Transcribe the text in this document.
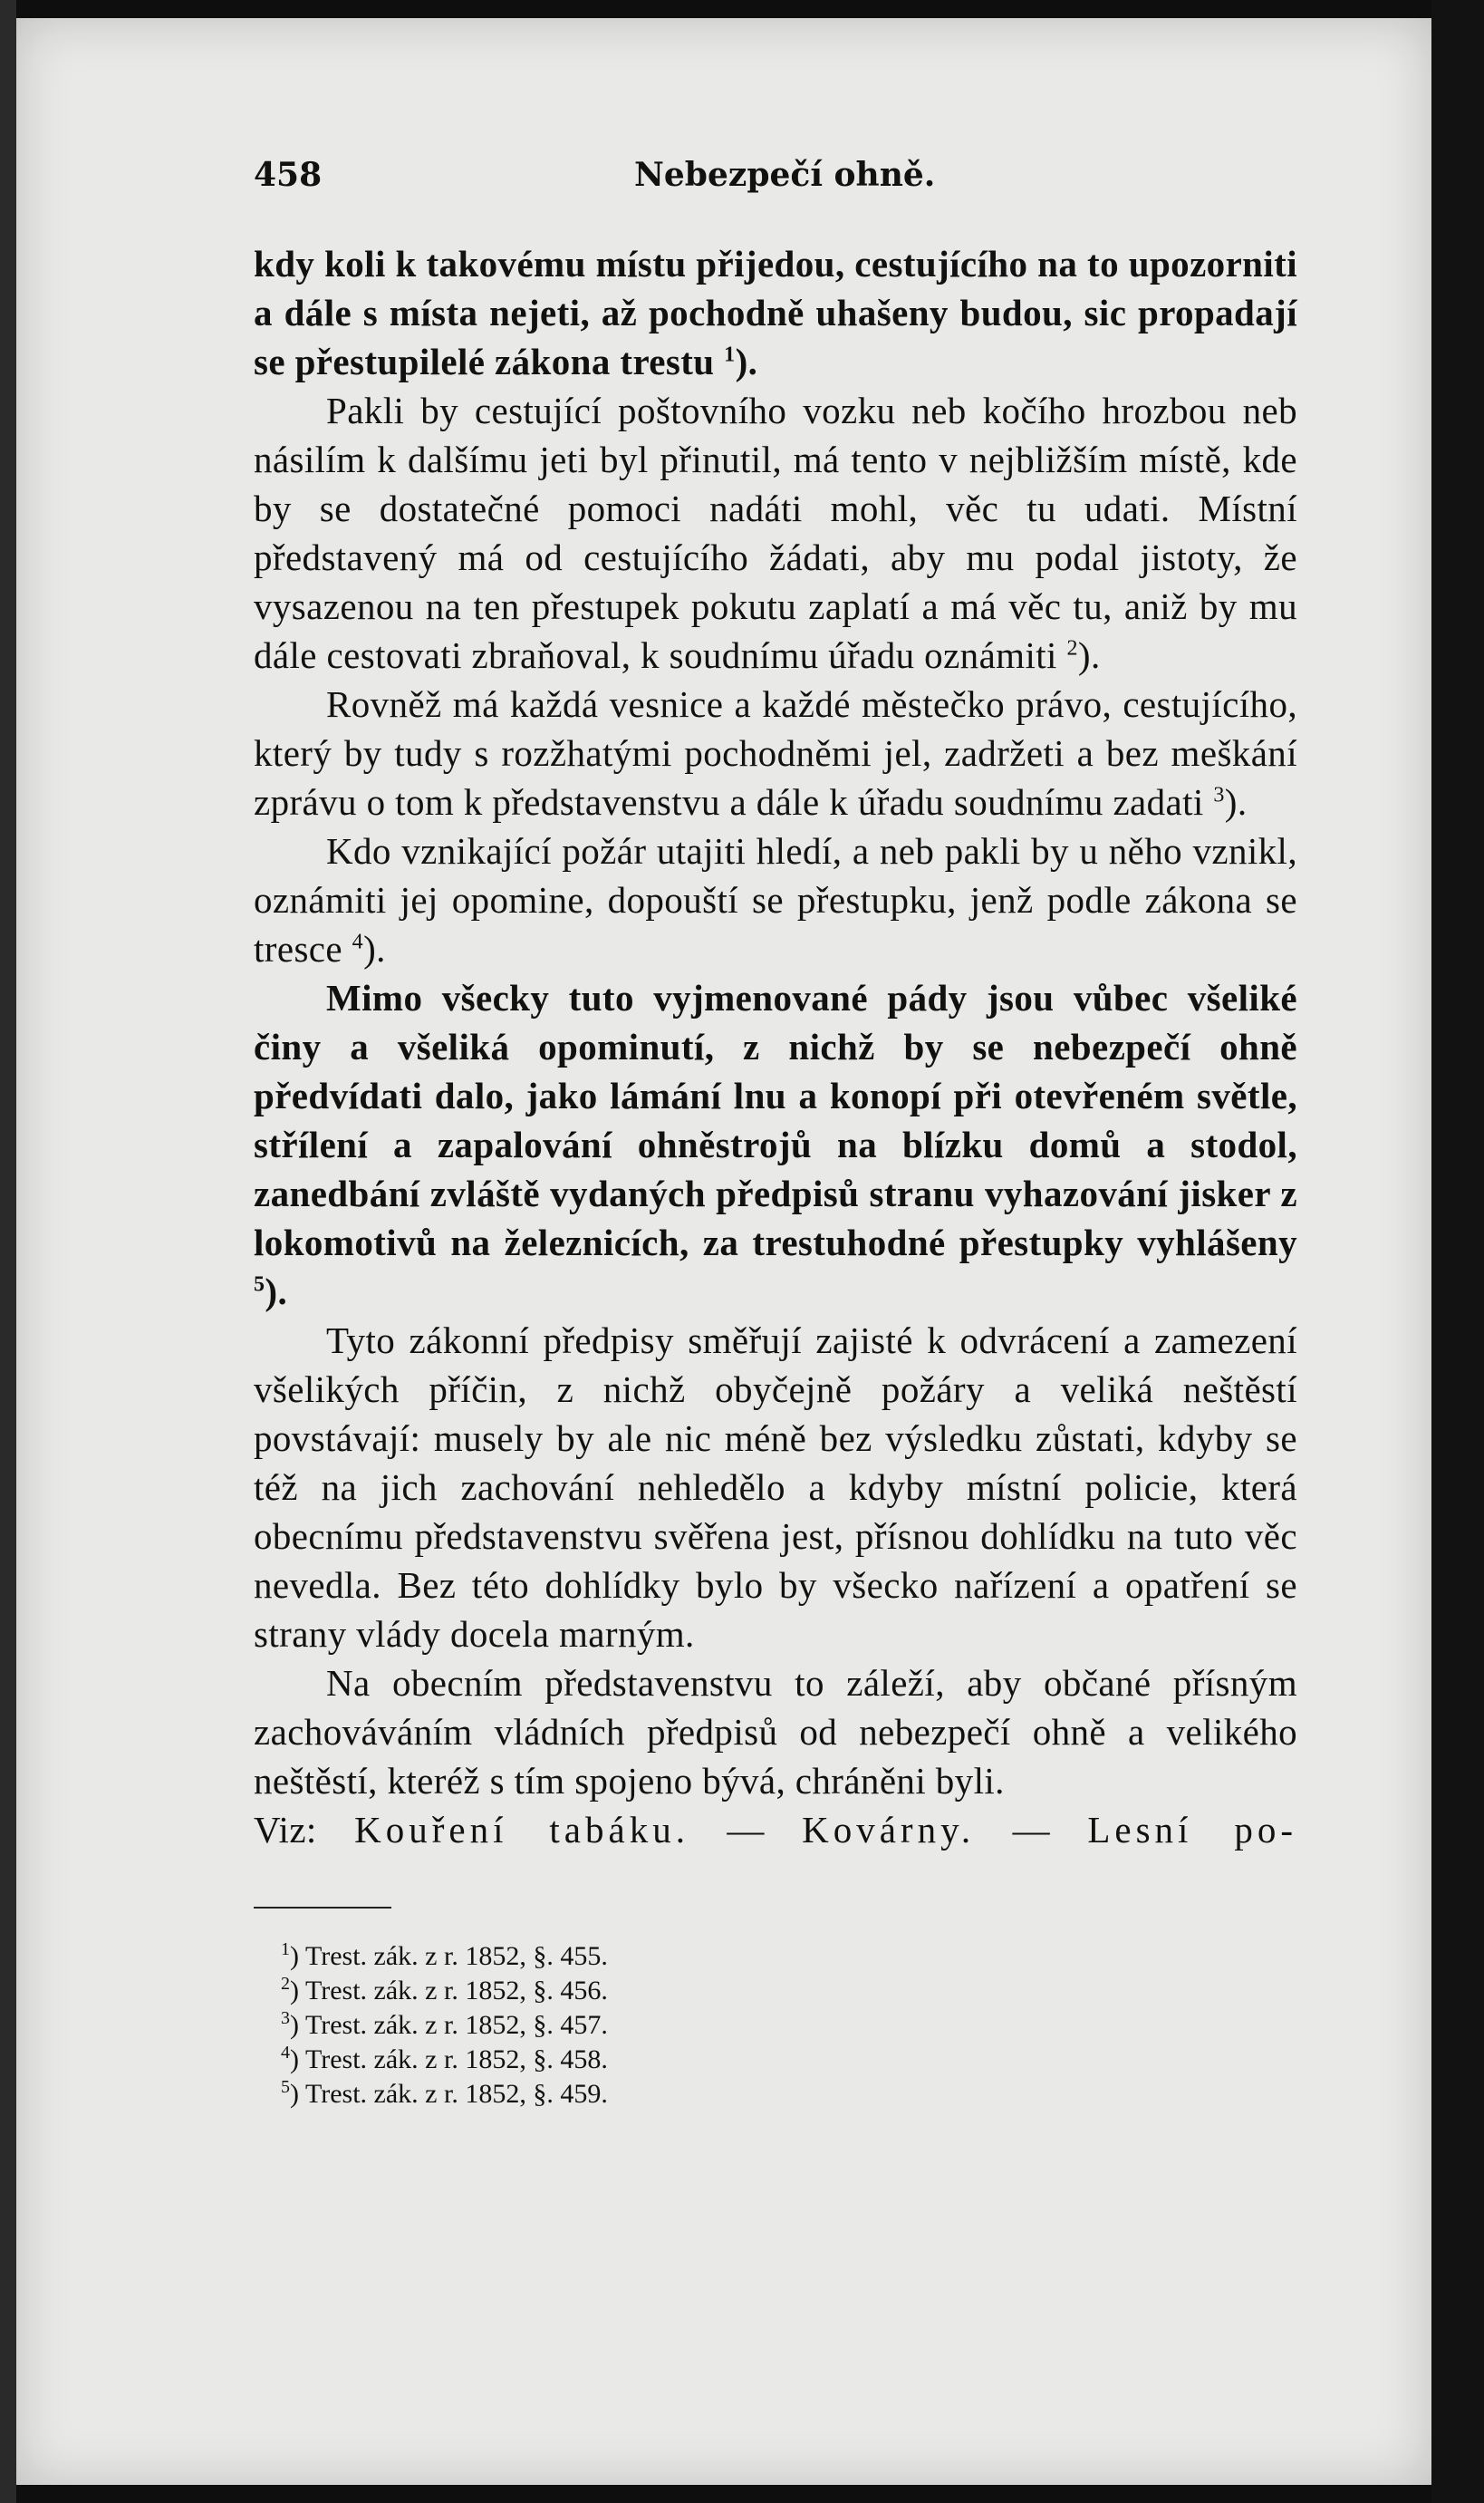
458	Nebezpečí ohně.

kdy koli k takovému místu přijedou, cestujícího na to upozorniti a dále s místa nejeti, až pochodně uhašeny budou, sic propadají se přestupilelé zákona trestu $^1$).

Pakli by cestující poštovního vozku neb kočího hrozbou neb násilím k dalšímu jeti byl přinutil, má tento v nejbližším místě, kde by se dostatečné pomoci nadáti mohl, věc tu udati. Místní představený má od cestujícího žádati, aby mu podal jistoty, že vysazenou na ten přestupek pokutu zaplatí a má věc tu, aniž by mu dále cestovati zbraňoval, k soudnímu úřadu oznámiti $^2$).

Rovněž má každá vesnice a každé městečko právo, cestujícího, který by tudy s rozžhatými pochodněmi jel, zadržeti a bez meškání zprávu o tom k představenstvu a dále k úřadu soudnímu zadati $^3$).

Kdo vznikající požár utajiti hledí, a neb pakli by u něho vznikl, oznámiti jej opomine, dopouští se přestupku, jenž podle zákona se tresce $^4$).

Mimo všecky tuto vyjmenované pády jsou vůbec všeliké činy a všeliká opominutí, z nichž by se nebezpečí ohně předvídati dalo, jako lámání lnu a konopí při otevřeném světle, střílení a zapalování ohněstrojů na blízku domů a stodol, zanedbání zvláště vydaných předpisů stranu vyhazování jisker z lokomotivů na železnicích, za trestuhodné přestupky vyhlášeny $^5$).

Tyto zákonní předpisy směřují zajisté k odvrácení a zamezení všelikých příčin, z nichž obyčejně požáry a veliká neštěstí povstávají: musely by ale nic méně bez výsledku zůstati, kdyby se též na jich zachování nehledělo a kdyby místní policie, která obecnímu představenstvu svěřena jest, přísnou dohlídku na tuto věc nevedla. Bez této dohlídky bylo by všecko nařízení a opatření se strany vlády docela marným.

Na obecním představenstvu to záleží, aby občané přísným zachováváním vládních předpisů od nebezpečí ohně a velikého neštěstí, kteréž s tím spojeno bývá, chráněni byli.

Viz: Kouření tabáku. — Kovárny. — Lesní po-

$^1$) Trest. zák. z r. 1852, §. 455.
$^2$) Trest. zák. z r. 1852, §. 456.
$^3$) Trest. zák. z r. 1852, §. 457.
$^4$) Trest. zák. z r. 1852, §. 458.
$^5$) Trest. zák. z r. 1852, §. 459.
